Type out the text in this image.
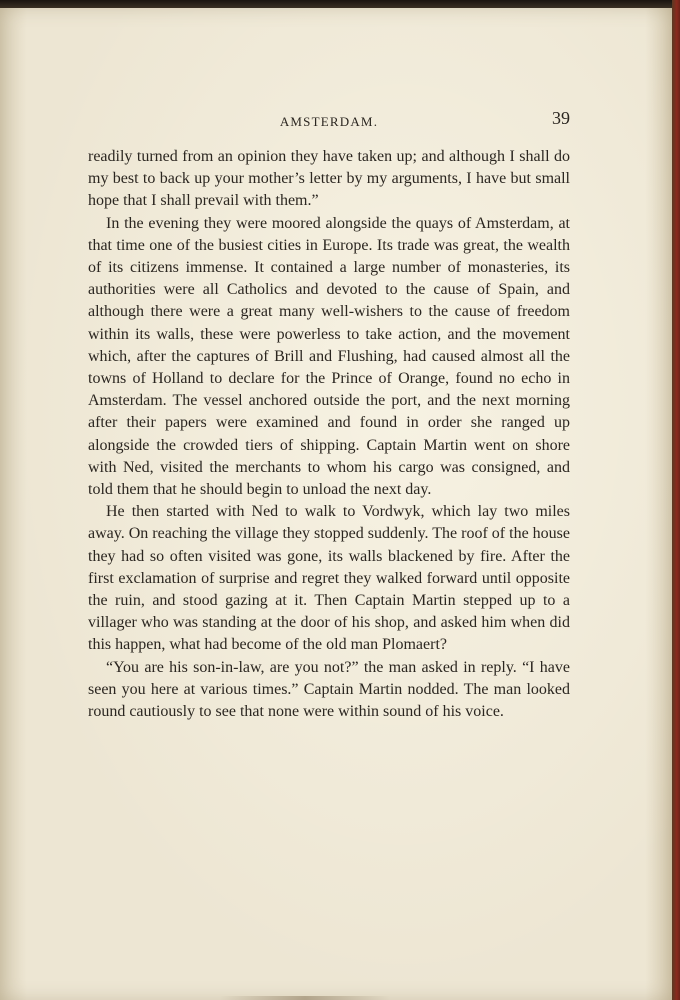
AMSTERDAM.	39

readily turned from an opinion they have taken up; and although I shall do my best to back up your mother’s letter by my arguments, I have but small hope that I shall prevail with them.”

In the evening they were moored alongside the quays of Amsterdam, at that time one of the busiest cities in Europe. Its trade was great, the wealth of its citizens immense. It contained a large number of monasteries, its authorities were all Catholics and devoted to the cause of Spain, and although there were a great many well-wishers to the cause of freedom within its walls, these were powerless to take action, and the movement which, after the captures of Brill and Flushing, had caused almost all the towns of Holland to declare for the Prince of Orange, found no echo in Amsterdam. The vessel anchored outside the port, and the next morning after their papers were examined and found in order she ranged up alongside the crowded tiers of shipping. Captain Martin went on shore with Ned, visited the merchants to whom his cargo was consigned, and told them that he should begin to unload the next day.

He then started with Ned to walk to Vordwyk, which lay two miles away. On reaching the village they stopped suddenly. The roof of the house they had so often visited was gone, its walls blackened by fire. After the first exclamation of surprise and regret they walked forward until opposite the ruin, and stood gazing at it. Then Captain Martin stepped up to a villager who was standing at the door of his shop, and asked him when did this happen, what had become of the old man Plomaert?

“You are his son-in-law, are you not?” the man asked in reply. “I have seen you here at various times.” Captain Martin nodded. The man looked round cautiously to see that none were within sound of his voice.
